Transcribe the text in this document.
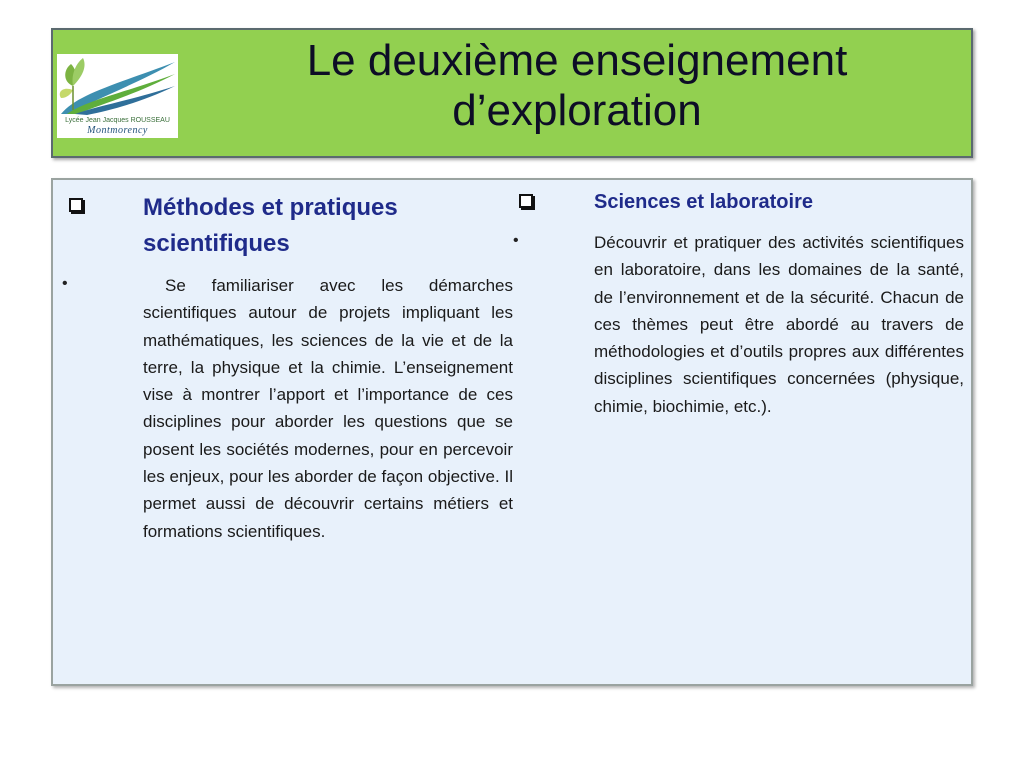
Lycée Jean Jacques ROUSSEAU
Montmorency
Le deuxième enseignement d’exploration
Méthodes et pratiques scientifiques
•	Se familiariser avec les démarches scientifiques autour de projets impliquant les mathématiques, les sciences de la vie et de la terre, la physique et la chimie. L’enseignement vise à montrer l’apport et l’importance de ces disciplines pour aborder les questions que se posent les sociétés modernes, pour en percevoir les enjeux, pour les aborder de façon objective. Il permet aussi de découvrir certains métiers et formations scientifiques.

Sciences et laboratoire
•	Découvrir et pratiquer des activités scientifiques en laboratoire, dans les domaines de la santé, de l’environnement et de la sécurité. Chacun de ces thèmes peut être abordé au travers de méthodologies et d’outils propres aux différentes disciplines scientifiques concernées (physique, chimie, biochimie, etc.).
